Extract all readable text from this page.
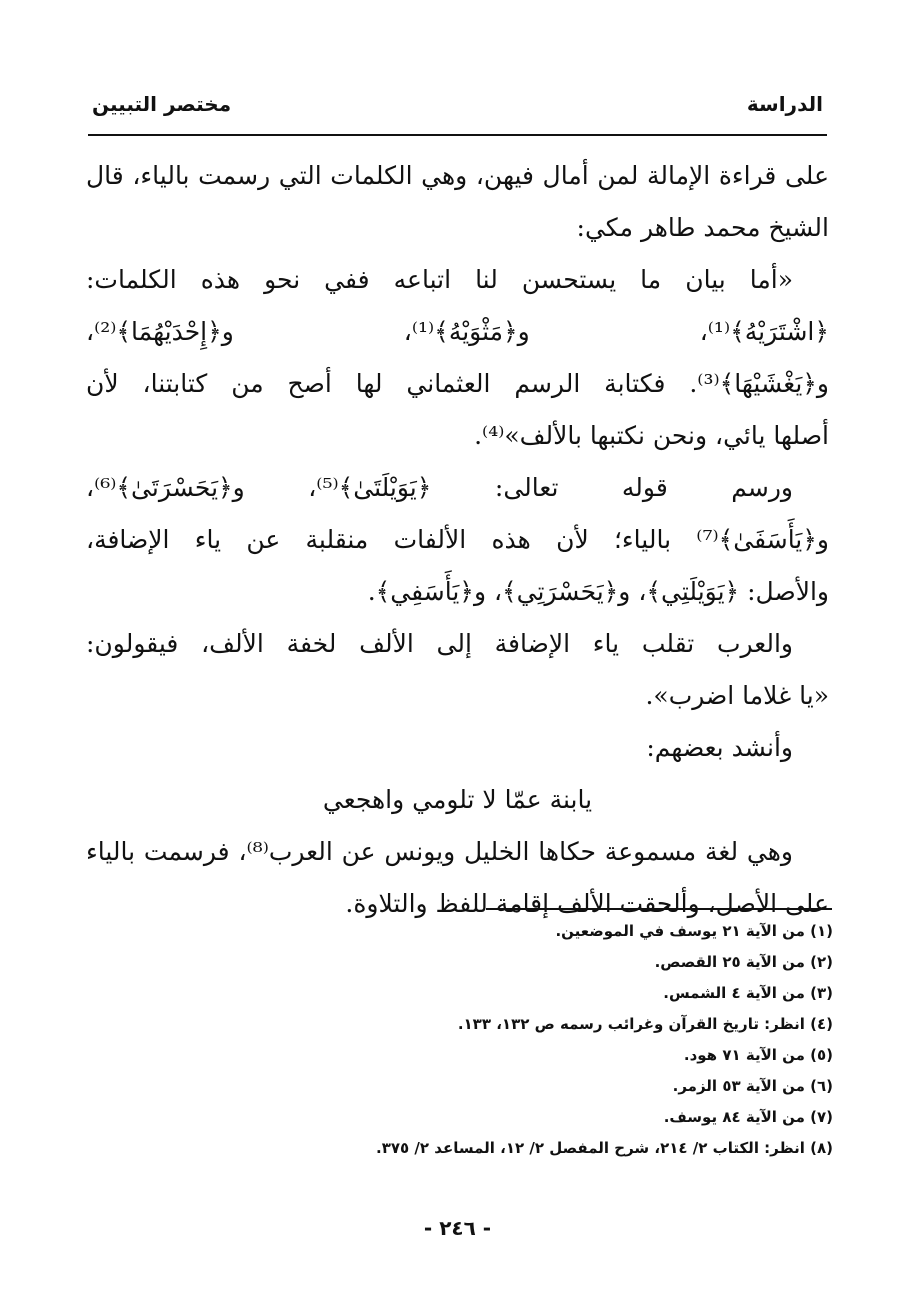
الدراسة
مختصر التبيين
على قراءة الإمالة لمن أمال فيهن، وهي الكلمات التي رسمت بالياء، قال
الشيخ محمد طاهر مكي:
«أما بيان ما يستحسن لنا اتباعه ففي نحو هذه الكلمات:
﴿اشْتَرَيْهُ﴾⁽¹⁾، و﴿مَثْوَيْهُ﴾⁽¹⁾، و﴿إِحْدَيْهُمَا﴾⁽²⁾،
و﴿يَغْشَيْهَا﴾⁽³⁾. فكتابة الرسم العثماني لها أصح من كتابتنا، لأن
أصلها يائي، ونحن نكتبها بالألف»⁽⁴⁾.
ورسم قوله تعالى: ﴿يَوَيْلَتَىٰ﴾⁽⁵⁾، و﴿يَحَسْرَتَىٰ﴾⁽⁶⁾،
و﴿يَأَسَفَىٰ﴾⁽⁷⁾ بالياء؛ لأن هذه الألفات منقلبة عن ياء الإضافة،
والأصل: ﴿يَوَيْلَتِي﴾، و﴿يَحَسْرَتِي﴾، و﴿يَأَسَفِي﴾.
والعرب تقلب ياء الإضافة إلى الألف لخفة الألف، فيقولون:
«يا غلاما اضرب».
وأنشد بعضهم:
يابنة عمّا لا تلومي واهجعي
وهي لغة مسموعة حكاها الخليل ويونس عن العرب⁽⁸⁾، فرسمت بالياء
على الأصل، وألحقت الألف إقامة للفظ والتلاوة.
(١) من الآية ٢١ يوسف في الموضعين.
(٢) من الآية ٢٥ القصص.
(٣) من الآية ٤ الشمس.
(٤) انظر: تاريخ القرآن وغرائب رسمه ص ١٣٢، ١٣٣.
(٥) من الآية ٧١ هود.
(٦) من الآية ٥٣ الزمر.
(٧) من الآية ٨٤ يوسف.
(٨) انظر: الكتاب ٢/ ٢١٤، شرح المفصل ٢/ ١٢، المساعد ٢/ ٣٧٥.
- ٢٤٦ -
